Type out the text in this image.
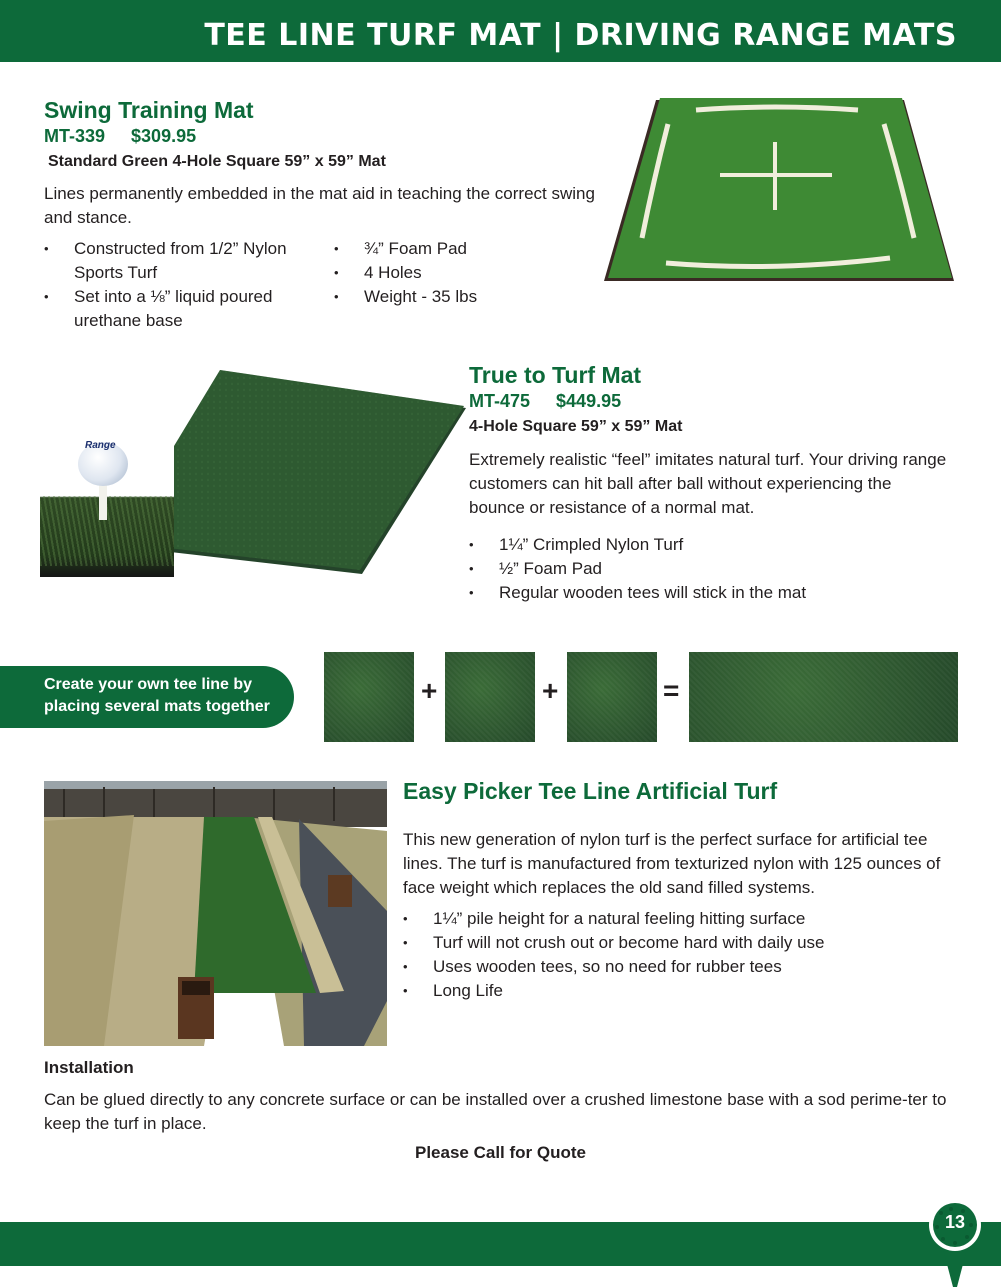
TEE LINE TURF MAT | DRIVING RANGE MATS
Swing Training Mat
MT-339 $309.95
Standard Green 4-Hole Square 59” x 59” Mat
Lines permanently embedded in the mat aid in teaching the correct swing and stance.
• Constructed from 1/2” Nylon Sports Turf
• Set into a ⅛” liquid poured urethane base
• ¾” Foam Pad
• 4 Holes
• Weight - 35 lbs
Range
True to Turf Mat
MT-475 $449.95
4-Hole Square 59” x 59” Mat
Extremely realistic “feel” imitates natural turf. Your driving range customers can hit ball after ball without experiencing the bounce or resistance of a normal mat.
• 1¼” Crimpled Nylon Turf
• ½” Foam Pad
• Regular wooden tees will stick in the mat
Create your own tee line by
placing several mats together
+	+	=
Easy Picker Tee Line Artificial Turf
This new generation of nylon turf is the perfect surface for artificial tee lines. The turf is manufactured from texturized nylon with 125 ounces of face weight which replaces the old sand filled systems.
• 1¼” pile height for a natural feeling hitting surface
• Turf will not crush out or become hard with daily use
• Uses wooden tees, so no need for rubber tees
• Long Life
Installation
Can be glued directly to any concrete surface or can be installed over a crushed limestone base with a sod perime-ter to keep the turf in place.
Please Call for Quote
13
